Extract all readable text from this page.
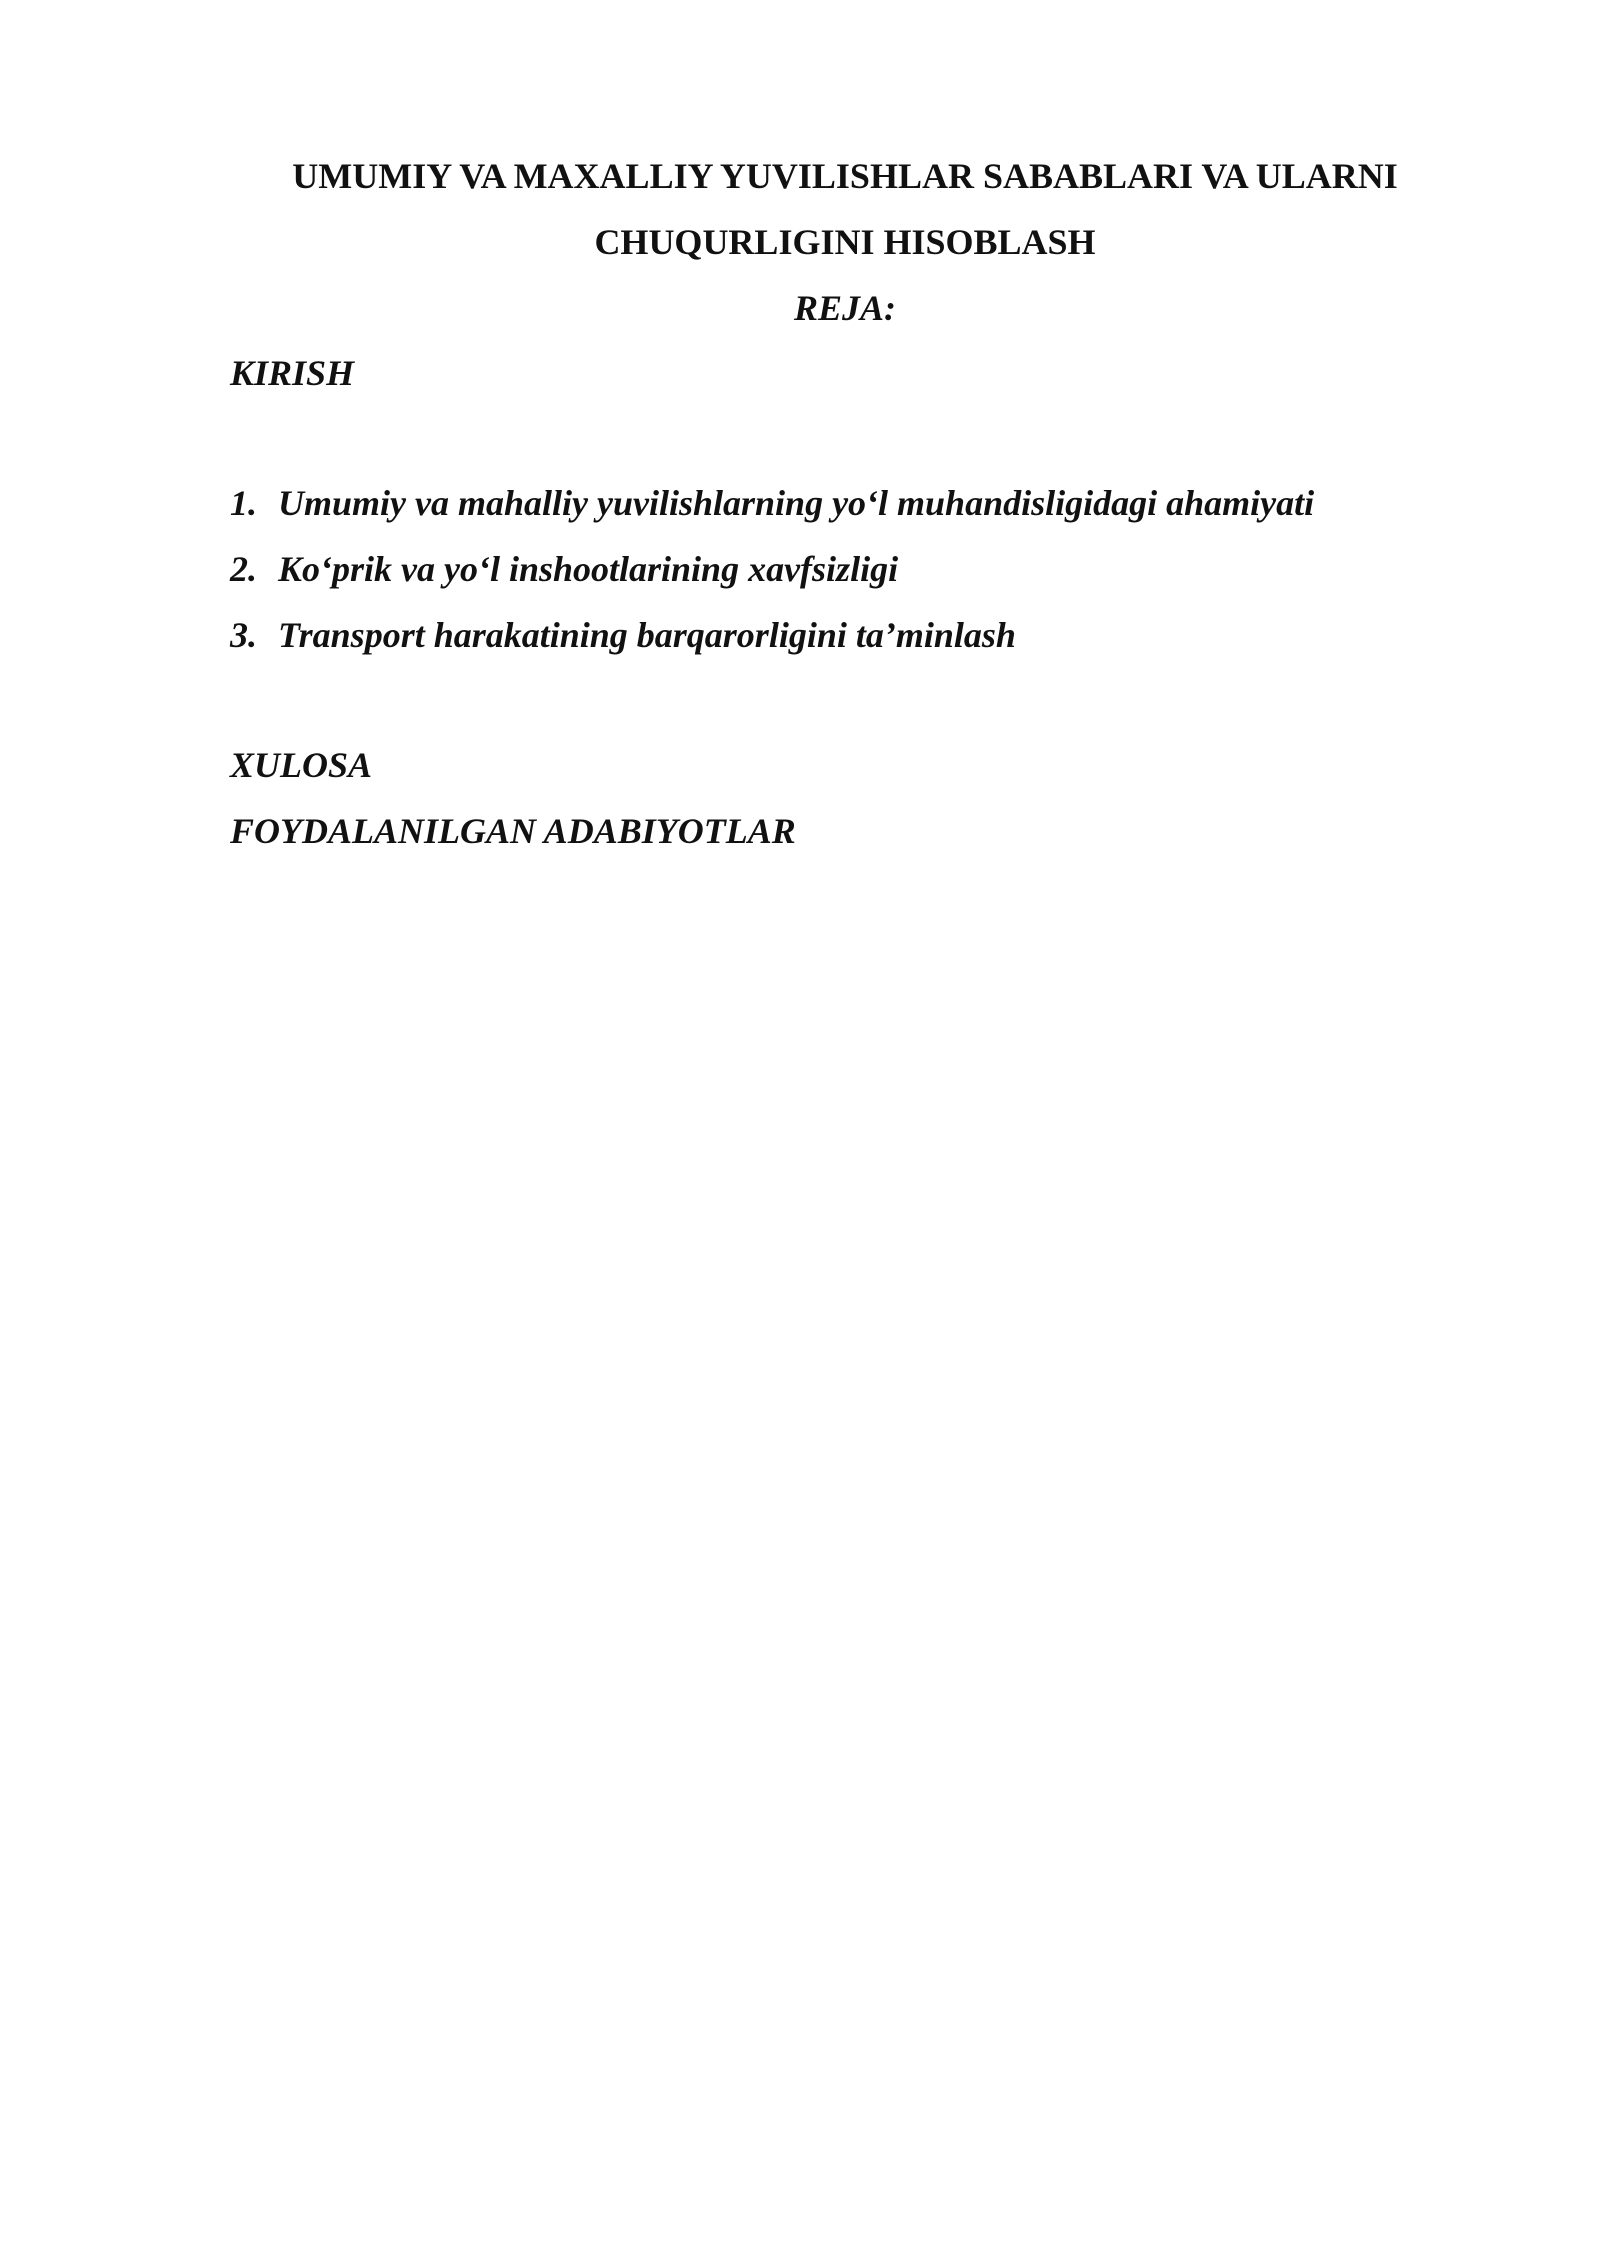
UMUMIY VA MAXALLIY YUVILISHLAR SABABLARI VA ULARNI

CHUQURLIGINI HISOBLASH

REJA:

KIRISH

1. Umumiy va mahalliy yuvilishlarning yo‘l muhandisligidagi ahamiyati
2. Ko‘prik va yo‘l inshootlarining xavfsizligi
3. Transport harakatining barqarorligini ta’minlash

XULOSA

FOYDALANILGAN ADABIYOTLAR
